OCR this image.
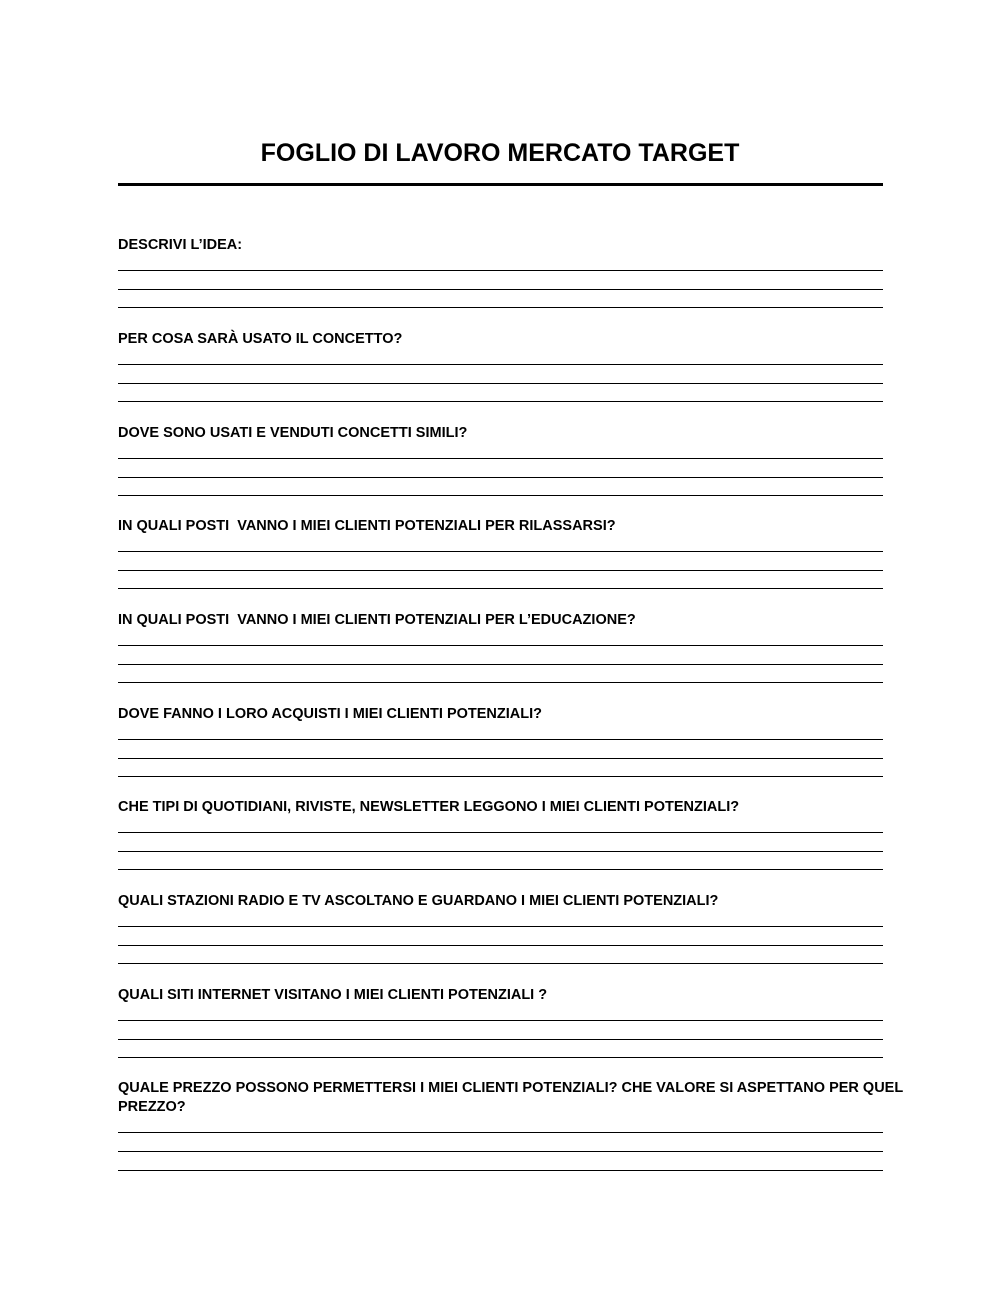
FOGLIO DI LAVORO MERCATO TARGET

DESCRIVI L’IDEA:

PER COSA SARÀ USATO IL CONCETTO?

DOVE SONO USATI E VENDUTI CONCETTI SIMILI?

IN QUALI POSTI  VANNO I MIEI CLIENTI POTENZIALI PER RILASSARSI?

IN QUALI POSTI  VANNO I MIEI CLIENTI POTENZIALI PER L’EDUCAZIONE?

DOVE FANNO I LORO ACQUISTI I MIEI CLIENTI POTENZIALI?

CHE TIPI DI QUOTIDIANI, RIVISTE, NEWSLETTER LEGGONO I MIEI CLIENTI POTENZIALI?

QUALI STAZIONI RADIO E TV ASCOLTANO E GUARDANO I MIEI CLIENTI POTENZIALI?

QUALI SITI INTERNET VISITANO I MIEI CLIENTI POTENZIALI ?

QUALE PREZZO POSSONO PERMETTERSI I MIEI CLIENTI POTENZIALI? CHE VALORE SI ASPETTANO PER QUEL PREZZO?
